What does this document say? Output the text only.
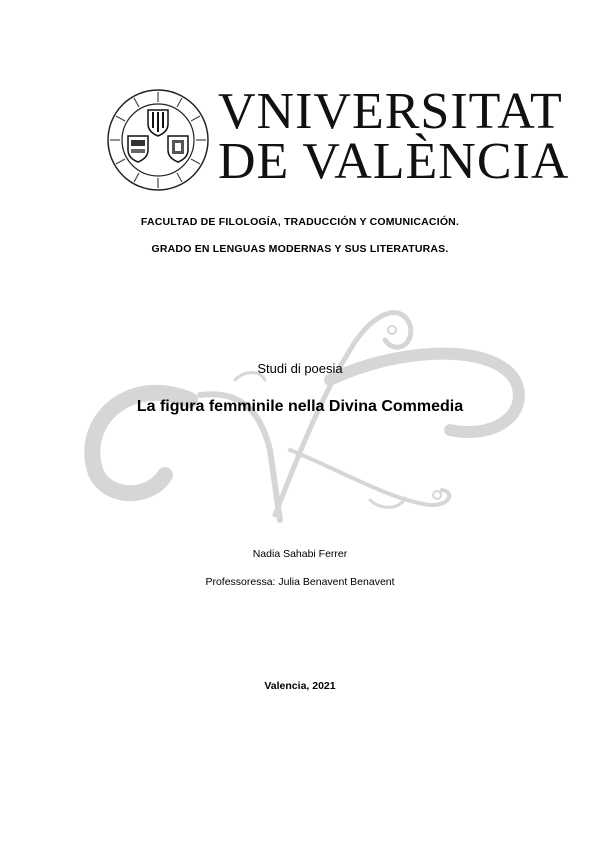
VNIVERSITAT
DE VALÈNCIA
FACULTAD DE FILOLOGÍA, TRADUCCIÓN Y COMUNICACIÓN.
GRADO EN LENGUAS MODERNAS Y SUS LITERATURAS.
Studi di poesia
La figura femminile nella Divina Commedia
Nadia Sahabi Ferrer
Professoressa: Julia Benavent Benavent
Valencia, 2021
